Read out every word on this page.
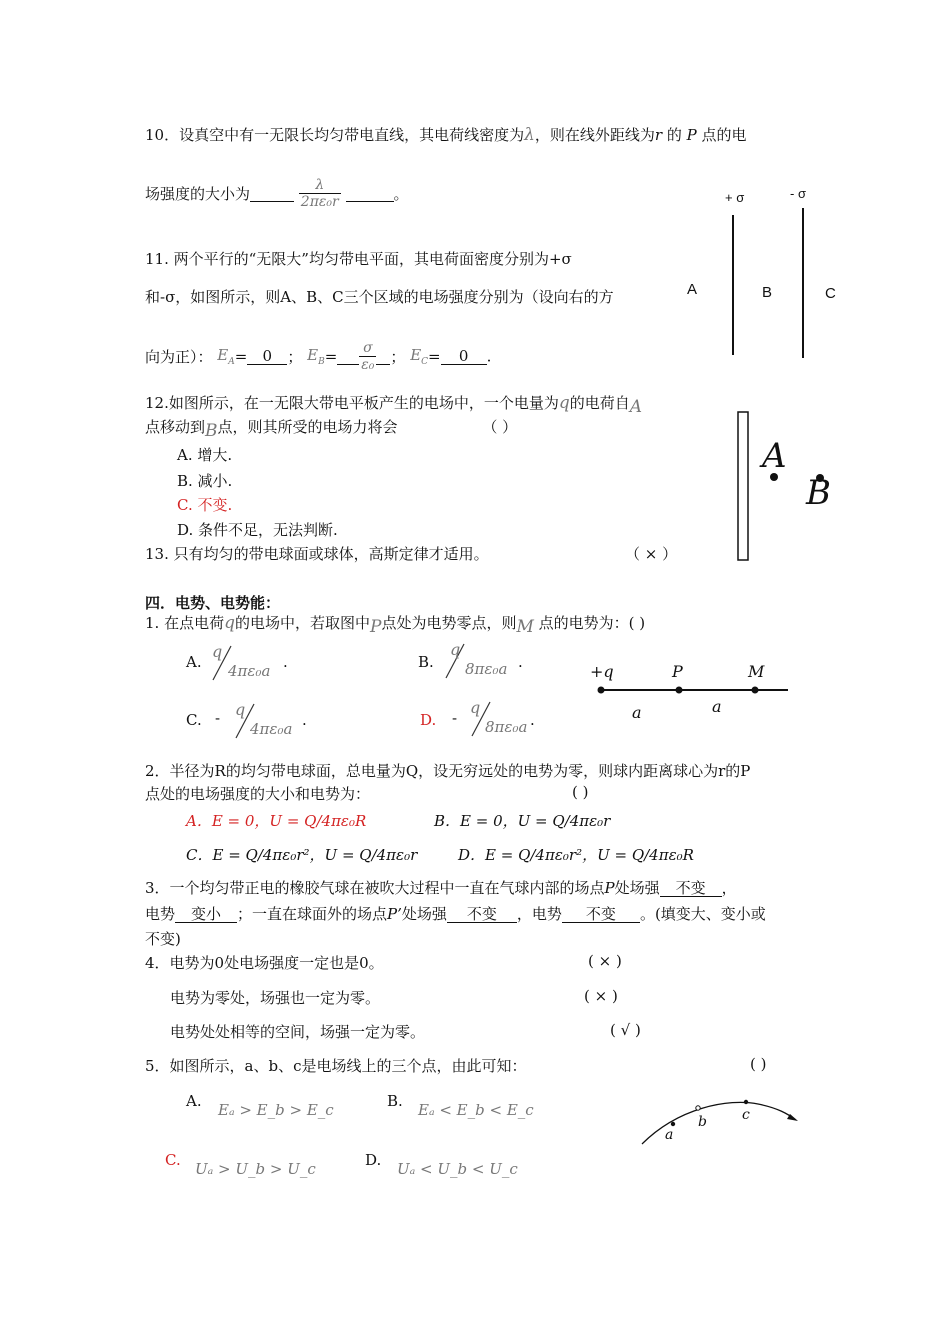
10．设真空中有一无限长均匀带电直线，其电荷线密度为λ，则在线外距线为r 的 P 点的电
场强度的大小为	$\frac{\lambda}{\text{2πε₀r}}$	。
11. 两个平行的“无限大”均匀带电平面，其电荷面密度分别为+σ
和-σ，如图所示，则A、B、C三个区域的电场强度分别为（设向右的方
向为正）： $E_A= 0$ ； $E_B= \frac{\sigma}{\text{ε₀}}$ ； $E_C= 0$ .
+ σ	- σ
A	B	C
12.如图所示，在一无限大带电平板产生的电场中，一个电量为q的电荷自A
点移动到B点，则其所受的电场力将会	（ ）
A. 增大.
B. 减小.
C. 不变.
D. 条件不足，无法判断.
A
B
13. 只有均匀的带电球面或球体，高斯定律才适用。	（ × ）
四．电势、电势能：
1. 在点电荷q的电场中，若取图中P点处为电势零点，则M 点的电势为：( )
A.
q
4πε₀a .	B.
q
8πε₀a .
C. - q
4πε₀a .	D. -
q
8πε₀a .
+q	P	M
a	a
2．半径为R的均匀带电球面，总电量为Q，设无穷远处的电势为零，则球内距离球心为r的P
点处的电场强度的大小和电势为：	( )
A．E = 0，U = Q/4πε₀R	B．E = 0，U = Q/4πε₀r
C．E = Q/4πε₀r²，U = Q/4πε₀r	D．E = Q/4πε₀r²，U = Q/4πε₀R
3．一个均匀带正电的橡胶气球在被吹大过程中一直在气球内部的场点P处场强 不变 ，
电势 变小 ；一直在球面外的场点P’处场强 不变 ，电势 不变 。(填变大、变小或
不变)
4．电势为0处电场强度一定也是0。	( × )
电势为零处，场强也一定为零。	( × )
电势处处相等的空间，场强一定为零。	( √ )
5．如图所示，a、b、c是电场线上的三个点，由此可知：	( )
A. Eₐ > E_b > E_c	B. Eₐ < E_b < E_c
C. Uₐ > U_b > U_c	D. Uₐ < U_b < U_c
a
b	c
